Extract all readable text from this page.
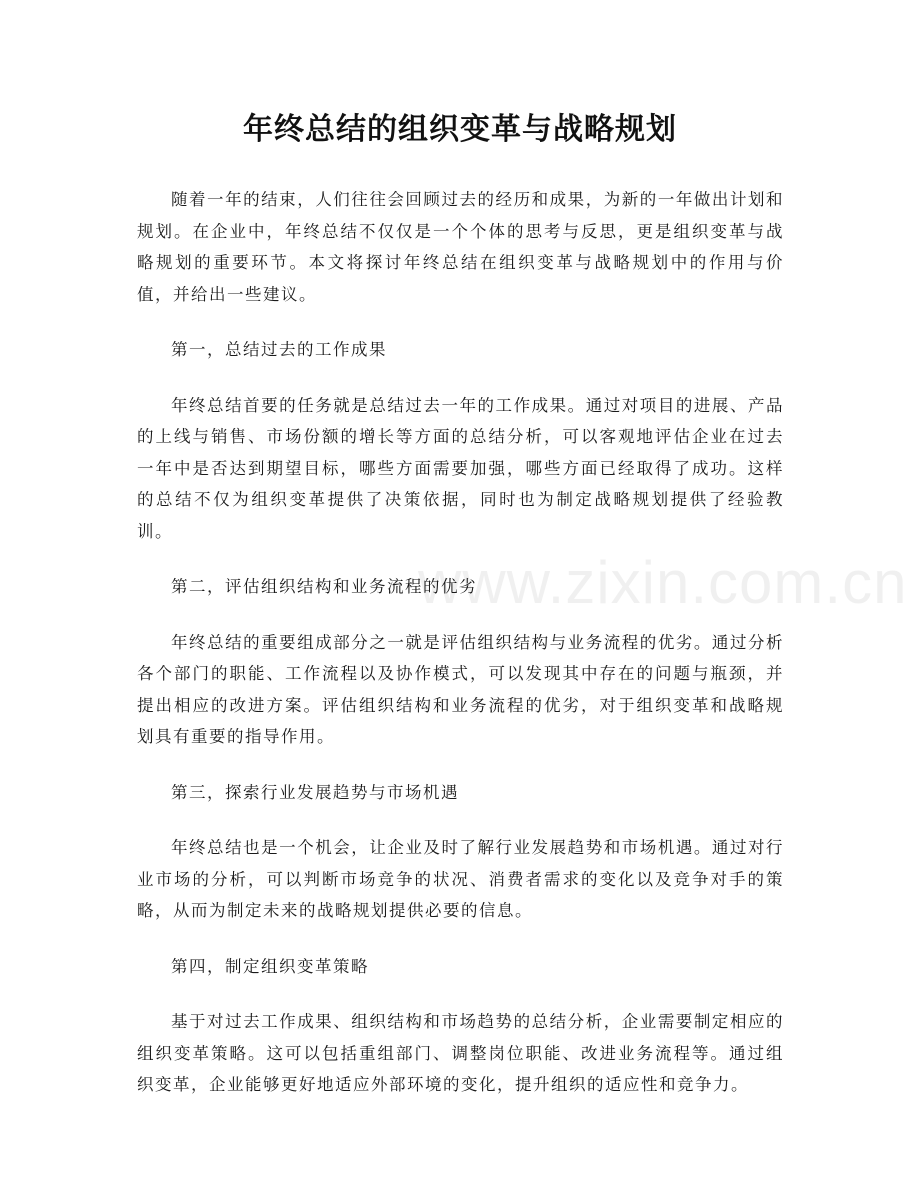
www.zixin.com.cn
年终总结的组织变革与战略规划

随着一年的结束，人们往往会回顾过去的经历和成果，为新的一年做出计划和规划。在企业中，年终总结不仅仅是一个个体的思考与反思，更是组织变革与战略规划的重要环节。本文将探讨年终总结在组织变革与战略规划中的作用与价值，并给出一些建议。

第一，总结过去的工作成果

年终总结首要的任务就是总结过去一年的工作成果。通过对项目的进展、产品的上线与销售、市场份额的增长等方面的总结分析，可以客观地评估企业在过去一年中是否达到期望目标，哪些方面需要加强，哪些方面已经取得了成功。这样的总结不仅为组织变革提供了决策依据，同时也为制定战略规划提供了经验教训。

第二，评估组织结构和业务流程的优劣

年终总结的重要组成部分之一就是评估组织结构与业务流程的优劣。通过分析各个部门的职能、工作流程以及协作模式，可以发现其中存在的问题与瓶颈，并提出相应的改进方案。评估组织结构和业务流程的优劣，对于组织变革和战略规划具有重要的指导作用。

第三，探索行业发展趋势与市场机遇

年终总结也是一个机会，让企业及时了解行业发展趋势和市场机遇。通过对行业市场的分析，可以判断市场竞争的状况、消费者需求的变化以及竞争对手的策略，从而为制定未来的战略规划提供必要的信息。

第四，制定组织变革策略

基于对过去工作成果、组织结构和市场趋势的总结分析，企业需要制定相应的组织变革策略。这可以包括重组部门、调整岗位职能、改进业务流程等。通过组织变革，企业能够更好地适应外部环境的变化，提升组织的适应性和竞争力。
